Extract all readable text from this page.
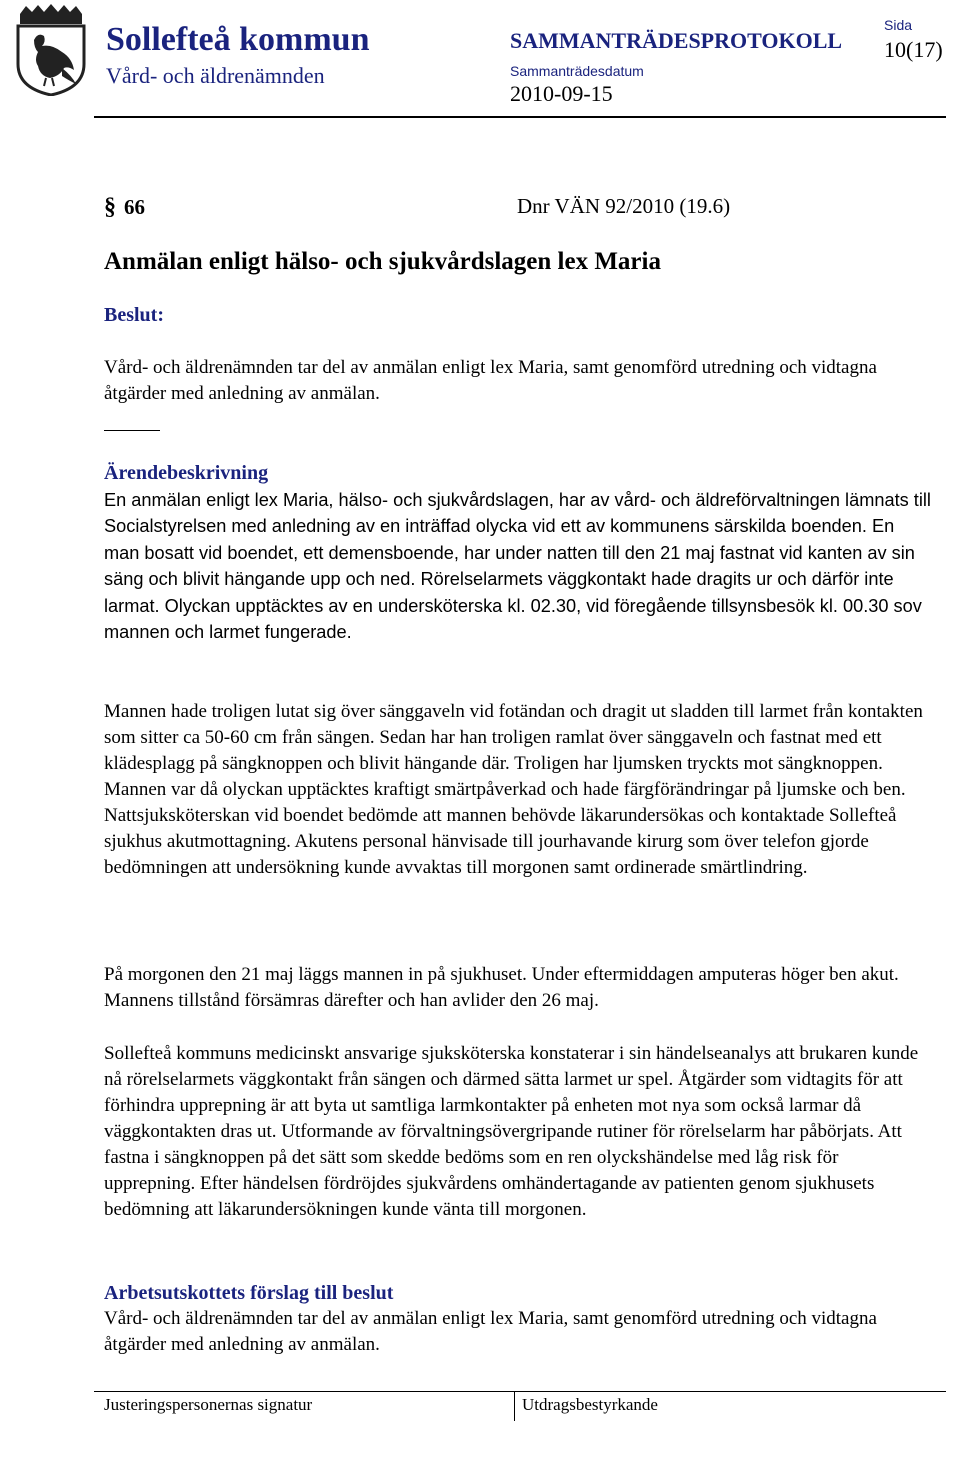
Sollefteå kommun
Vård- och äldrenämnden
SAMMANTRÄDESPROTOKOLL
Sammanträdesdatum
2010-09-15
Sida
10(17)
§ 66	Dnr VÄN 92/2010 (19.6)
Anmälan enligt hälso- och sjukvårdslagen lex Maria
Beslut:
Vård- och äldrenämnden tar del av anmälan enligt lex Maria, samt genomförd utredning och vidtagna åtgärder med anledning av anmälan.
Ärendebeskrivning
En anmälan enligt lex Maria, hälso- och sjukvårdslagen, har av vård- och äldreförvaltningen lämnats till Socialstyrelsen med anledning av en inträffad olycka vid ett av kommunens särskilda boenden. En man bosatt vid boendet, ett demensboende, har under natten till den 21 maj fastnat vid kanten av sin säng och blivit hängande upp och ned. Rörelselarmets väggkontakt hade dragits ur och därför inte larmat. Olyckan upptäcktes av en undersköterska kl. 02.30, vid föregående tillsynsbesök kl. 00.30 sov mannen och larmet fungerade.
Mannen hade troligen lutat sig över sänggaveln vid fotändan och dragit ut sladden till larmet från kontakten som sitter ca 50-60 cm från sängen. Sedan har han troligen ramlat över sänggaveln och fastnat med ett klädesplagg på sängknoppen och blivit hängande där. Troligen har ljumsken tryckts mot sängknoppen. Mannen var då olyckan upptäcktes kraftigt smärtpåverkad och hade färgförändringar på ljumske och ben. Nattsjuksköterskan vid boendet bedömde att mannen behövde läkarundersökas och kontaktade Sollefteå sjukhus akutmottagning. Akutens personal hänvisade till jourhavande kirurg som över telefon gjorde bedömningen att undersökning kunde avvaktas till morgonen samt ordinerade smärtlindring.
På morgonen den 21 maj läggs mannen in på sjukhuset. Under eftermiddagen amputeras höger ben akut. Mannens tillstånd försämras därefter och han avlider den 26 maj.
Sollefteå kommuns medicinskt ansvarige sjuksköterska konstaterar i sin händelseanalys att brukaren kunde nå rörelselarmets väggkontakt från sängen och därmed sätta larmet ur spel. Åtgärder som vidtagits för att förhindra upprepning är att byta ut samtliga larmkontakter på enheten mot nya som också larmar då väggkontakten dras ut. Utformande av förvaltningsövergripande rutiner för rörelselarm har påbörjats. Att fastna i sängknoppen på det sätt som skedde bedöms som en ren olyckshändelse med låg risk för upprepning. Efter händelsen fördröjdes sjukvårdens omhändertagande av patienten genom sjukhusets bedömning att läkarundersökningen kunde vänta till morgonen.
Arbetsutskottets förslag till beslut
Vård- och äldrenämnden tar del av anmälan enligt lex Maria, samt genomförd utredning och vidtagna åtgärder med anledning av anmälan.
Justeringspersonernas signatur	Utdragsbestyrkande
